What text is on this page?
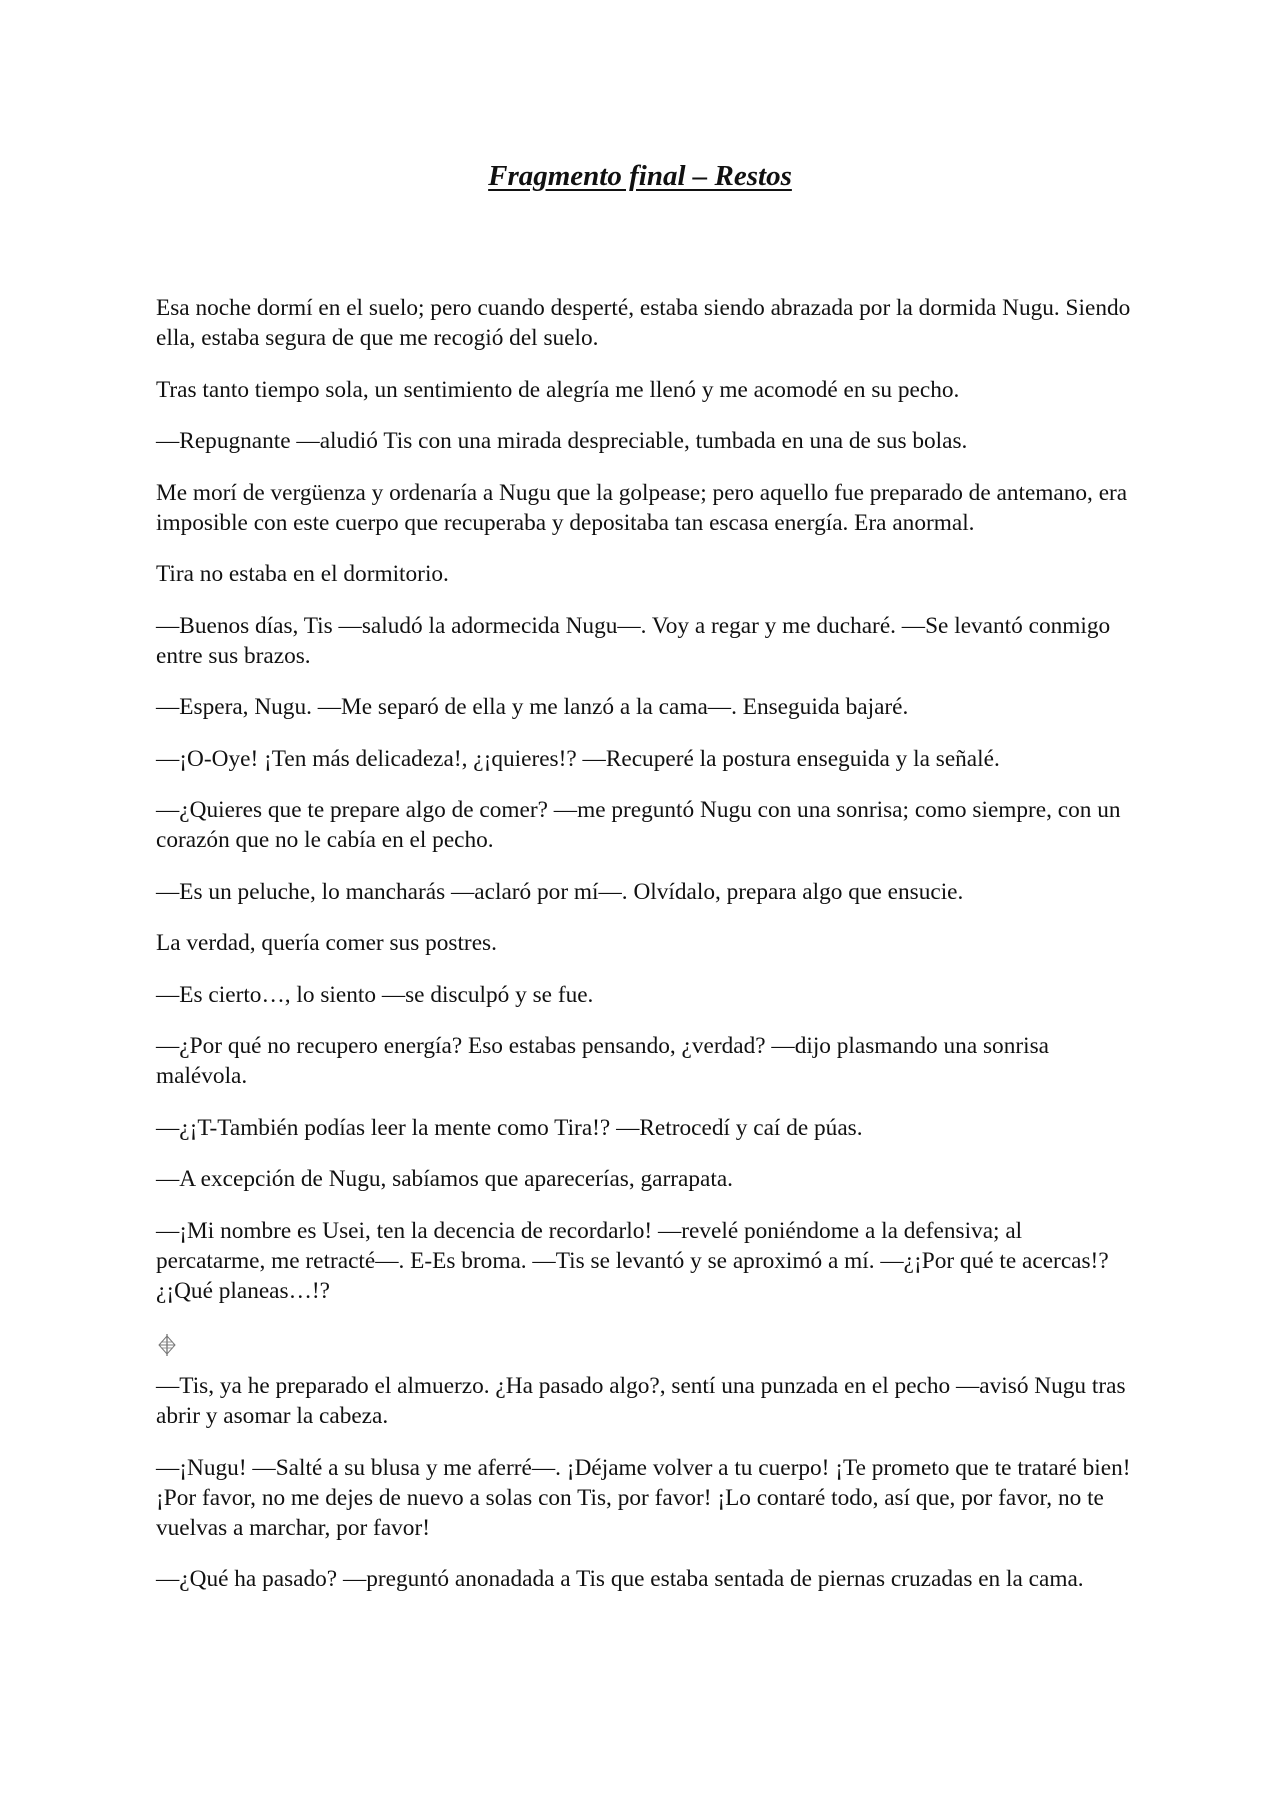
Fragmento final – Restos

Esa noche dormí en el suelo; pero cuando desperté, estaba siendo abrazada por la dormida Nugu. Siendo ella, estaba segura de que me recogió del suelo.

Tras tanto tiempo sola, un sentimiento de alegría me llenó y me acomodé en su pecho.

—Repugnante —aludió Tis con una mirada despreciable, tumbada en una de sus bolas.

Me morí de vergüenza y ordenaría a Nugu que la golpease; pero aquello fue preparado de antemano, era imposible con este cuerpo que recuperaba y depositaba tan escasa energía. Era anormal.

Tira no estaba en el dormitorio.

—Buenos días, Tis —saludó la adormecida Nugu—. Voy a regar y me ducharé. —Se levantó conmigo entre sus brazos.

—Espera, Nugu. —Me separó de ella y me lanzó a la cama—. Enseguida bajaré.

—¡O-Oye! ¡Ten más delicadeza!, ¿¡quieres!? —Recuperé la postura enseguida y la señalé.

—¿Quieres que te prepare algo de comer? —me preguntó Nugu con una sonrisa; como siempre, con un corazón que no le cabía en el pecho.

—Es un peluche, lo mancharás —aclaró por mí—. Olvídalo, prepara algo que ensucie.

La verdad, quería comer sus postres.

—Es cierto…, lo siento —se disculpó y se fue.

—¿Por qué no recupero energía? Eso estabas pensando, ¿verdad? —dijo plasmando una sonrisa malévola.

—¿¡T-También podías leer la mente como Tira!? —Retrocedí y caí de púas.

—A excepción de Nugu, sabíamos que aparecerías, garrapata.

—¡Mi nombre es Usei, ten la decencia de recordarlo! —revelé poniéndome a la defensiva; al percatarme, me retracté—. E-Es broma. —Tis se levantó y se aproximó a mí. —¿¡Por qué te acercas!? ¿¡Qué planeas…!?

—Tis, ya he preparado el almuerzo. ¿Ha pasado algo?, sentí una punzada en el pecho —avisó Nugu tras abrir y asomar la cabeza.

—¡Nugu! —Salté a su blusa y me aferré—. ¡Déjame volver a tu cuerpo! ¡Te prometo que te trataré bien! ¡Por favor, no me dejes de nuevo a solas con Tis, por favor! ¡Lo contaré todo, así que, por favor, no te vuelvas a marchar, por favor!

—¿Qué ha pasado? —preguntó anonadada a Tis que estaba sentada de piernas cruzadas en la cama.
